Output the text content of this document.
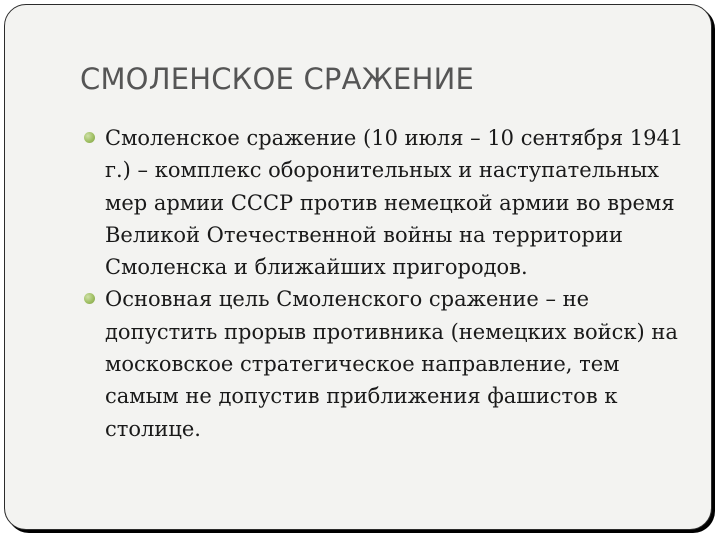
СМОЛЕНСКОЕ СРАЖЕНИЕ
Смоленское сражение (10 июля – 10 сентября 1941 г.) – комплекс оборонительных и наступательных мер армии СССР против немецкой армии во время Великой Отечественной войны на территории Смоленска и ближайших пригородов.
Основная цель Смоленского сражение – не допустить прорыв противника (немецких войск) на московское стратегическое направление, тем самым не допустив приближения фашистов к столице.
